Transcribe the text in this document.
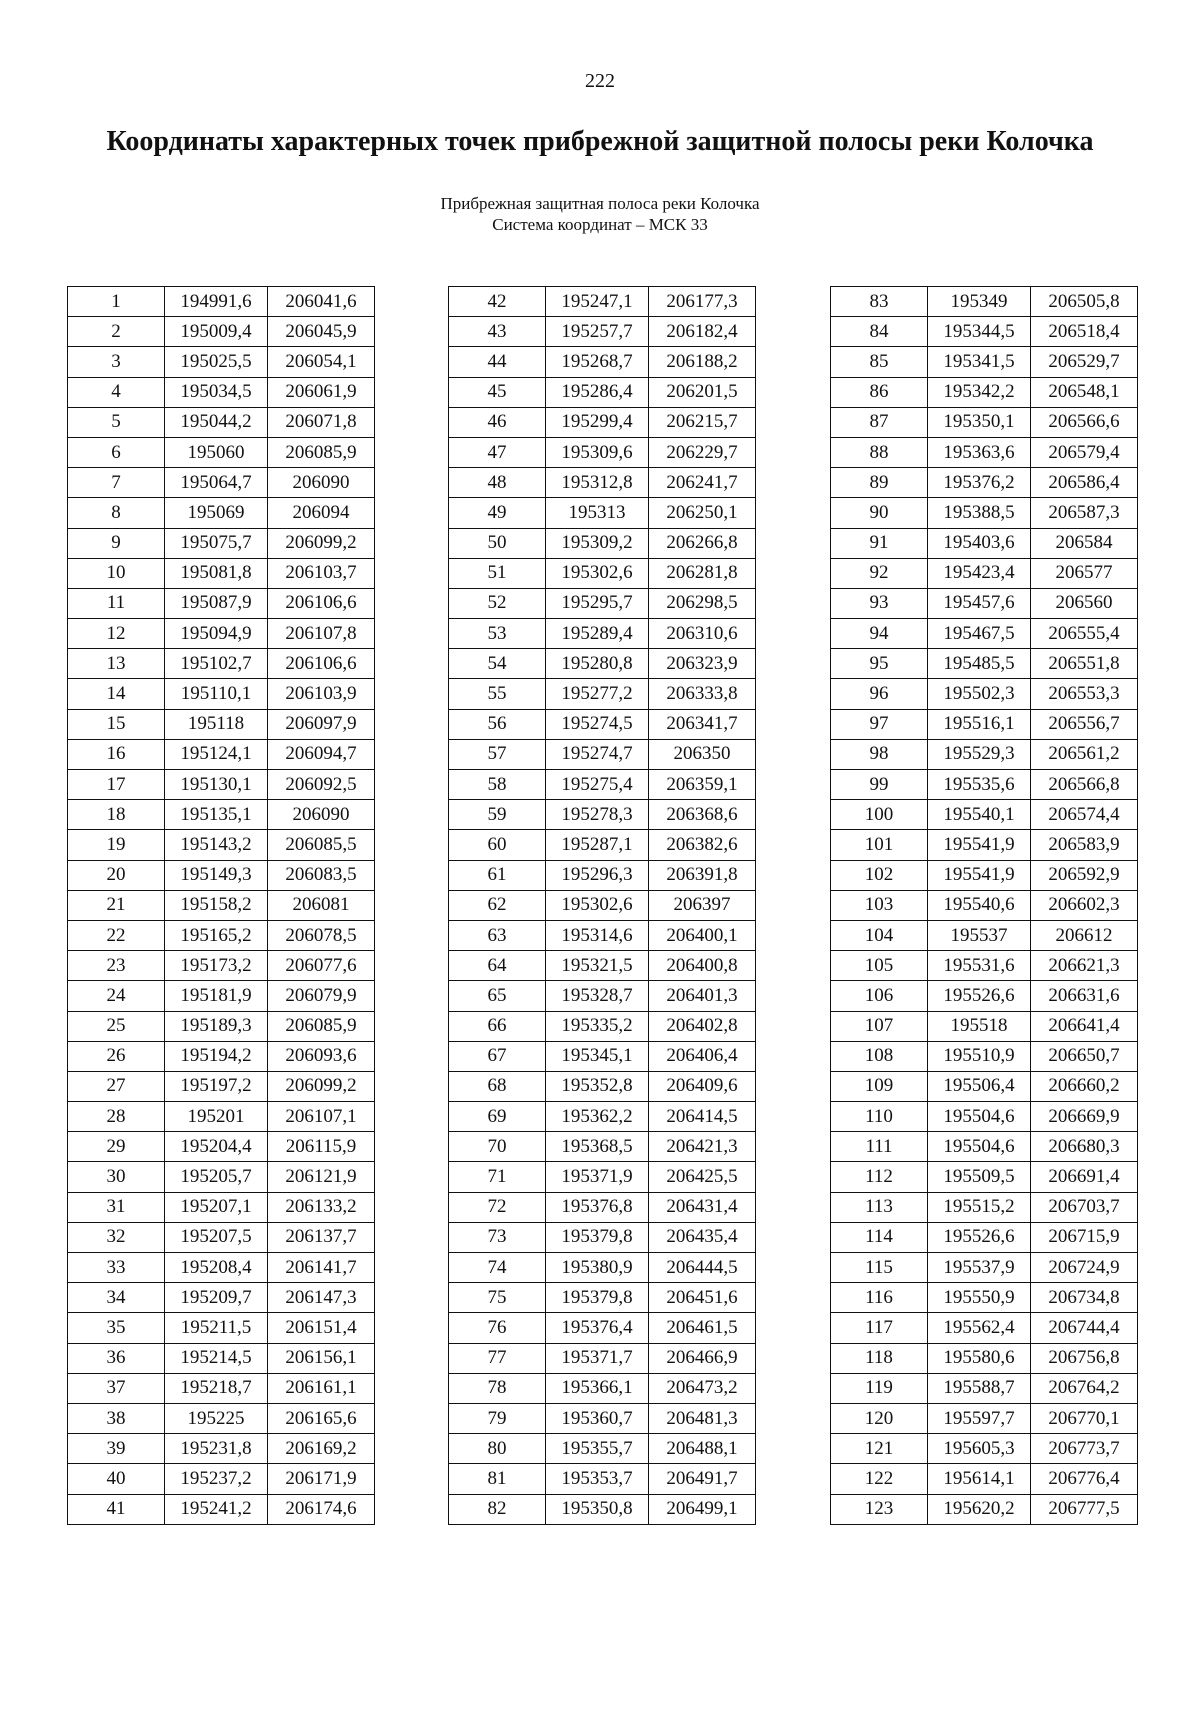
222
Координаты характерных точек прибрежной защитной полосы реки Колочка
Прибрежная защитная полоса реки Колочка
Система координат – МСК 33
1	194991,6	206041,6
2	195009,4	206045,9
3	195025,5	206054,1
4	195034,5	206061,9
5	195044,2	206071,8
6	195060	206085,9
7	195064,7	206090
8	195069	206094
9	195075,7	206099,2
10	195081,8	206103,7
11	195087,9	206106,6
12	195094,9	206107,8
13	195102,7	206106,6
14	195110,1	206103,9
15	195118	206097,9
16	195124,1	206094,7
17	195130,1	206092,5
18	195135,1	206090
19	195143,2	206085,5
20	195149,3	206083,5
21	195158,2	206081
22	195165,2	206078,5
23	195173,2	206077,6
24	195181,9	206079,9
25	195189,3	206085,9
26	195194,2	206093,6
27	195197,2	206099,2
28	195201	206107,1
29	195204,4	206115,9
30	195205,7	206121,9
31	195207,1	206133,2
32	195207,5	206137,7
33	195208,4	206141,7
34	195209,7	206147,3
35	195211,5	206151,4
36	195214,5	206156,1
37	195218,7	206161,1
38	195225	206165,6
39	195231,8	206169,2
40	195237,2	206171,9
41	195241,2	206174,6
42	195247,1	206177,3
43	195257,7	206182,4
44	195268,7	206188,2
45	195286,4	206201,5
46	195299,4	206215,7
47	195309,6	206229,7
48	195312,8	206241,7
49	195313	206250,1
50	195309,2	206266,8
51	195302,6	206281,8
52	195295,7	206298,5
53	195289,4	206310,6
54	195280,8	206323,9
55	195277,2	206333,8
56	195274,5	206341,7
57	195274,7	206350
58	195275,4	206359,1
59	195278,3	206368,6
60	195287,1	206382,6
61	195296,3	206391,8
62	195302,6	206397
63	195314,6	206400,1
64	195321,5	206400,8
65	195328,7	206401,3
66	195335,2	206402,8
67	195345,1	206406,4
68	195352,8	206409,6
69	195362,2	206414,5
70	195368,5	206421,3
71	195371,9	206425,5
72	195376,8	206431,4
73	195379,8	206435,4
74	195380,9	206444,5
75	195379,8	206451,6
76	195376,4	206461,5
77	195371,7	206466,9
78	195366,1	206473,2
79	195360,7	206481,3
80	195355,7	206488,1
81	195353,7	206491,7
82	195350,8	206499,1
83	195349	206505,8
84	195344,5	206518,4
85	195341,5	206529,7
86	195342,2	206548,1
87	195350,1	206566,6
88	195363,6	206579,4
89	195376,2	206586,4
90	195388,5	206587,3
91	195403,6	206584
92	195423,4	206577
93	195457,6	206560
94	195467,5	206555,4
95	195485,5	206551,8
96	195502,3	206553,3
97	195516,1	206556,7
98	195529,3	206561,2
99	195535,6	206566,8
100	195540,1	206574,4
101	195541,9	206583,9
102	195541,9	206592,9
103	195540,6	206602,3
104	195537	206612
105	195531,6	206621,3
106	195526,6	206631,6
107	195518	206641,4
108	195510,9	206650,7
109	195506,4	206660,2
110	195504,6	206669,9
111	195504,6	206680,3
112	195509,5	206691,4
113	195515,2	206703,7
114	195526,6	206715,9
115	195537,9	206724,9
116	195550,9	206734,8
117	195562,4	206744,4
118	195580,6	206756,8
119	195588,7	206764,2
120	195597,7	206770,1
121	195605,3	206773,7
122	195614,1	206776,4
123	195620,2	206777,5
